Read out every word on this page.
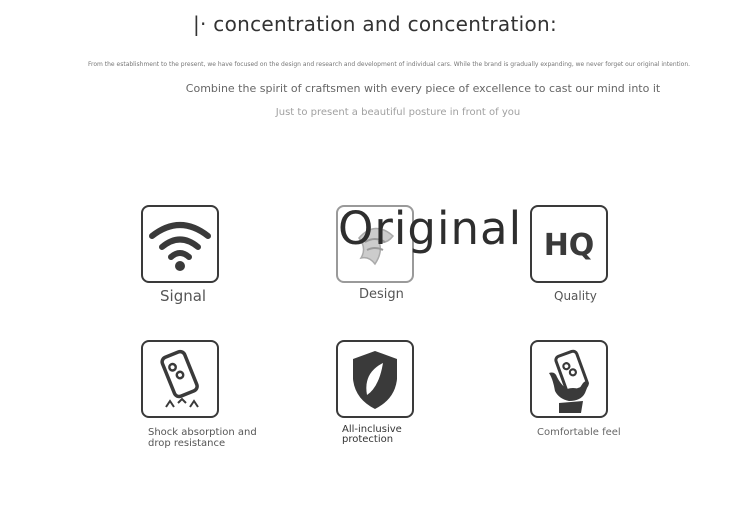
|· concentration and concentration:
From the establishment to the present, we have focused on the design and research and development of individual cars. While the brand is gradually expanding, we never forget our original intention.
Combine the spirit of craftsmen with every piece of excellence to cast our mind into it
Just to present a beautiful posture in front of you
Signal
Original
Design
HQ
Quality
Shock absorption and
drop resistance
All-inclusive
protection
Comfortable feel
